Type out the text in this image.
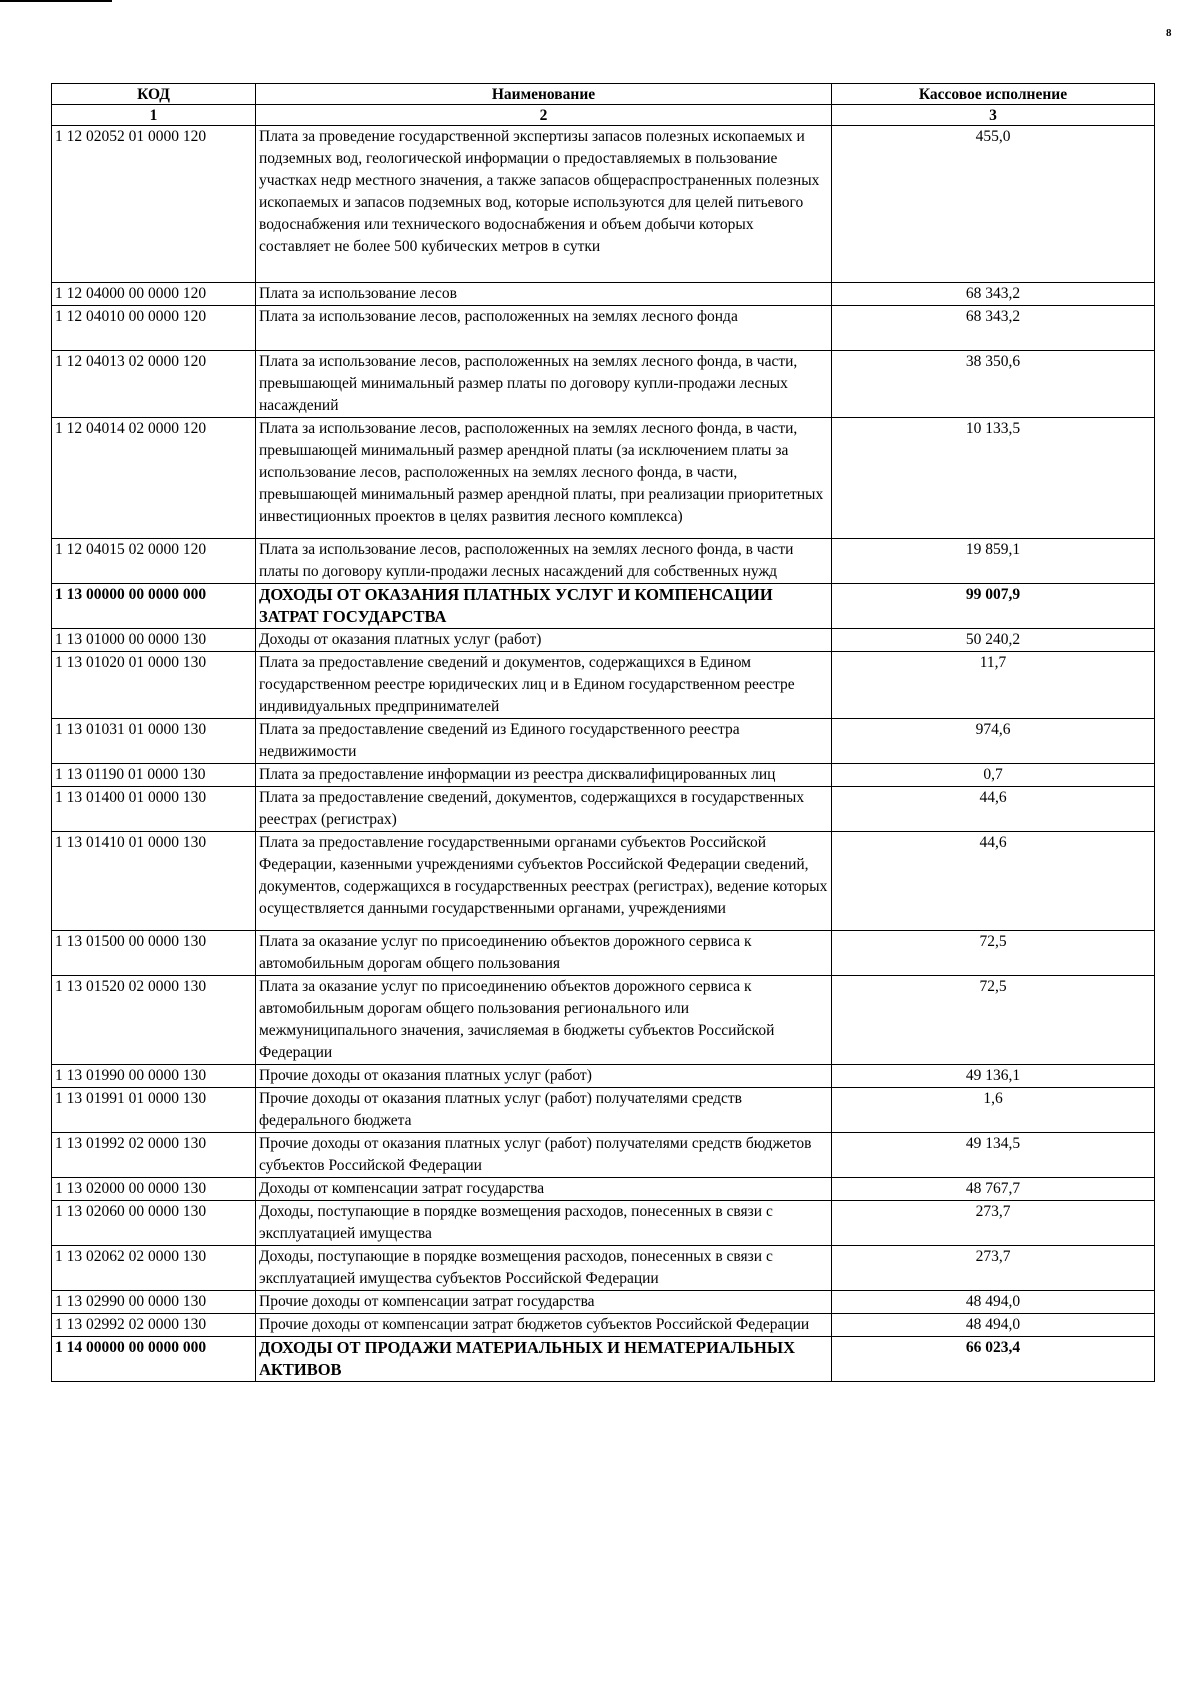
8
КОД	Наименование	Кассовое исполнение
1	2	3
1 12 02052 01 0000 120	Плата за проведение государственной экспертизы запасов полезных ископаемых и подземных вод, геологической информации о предоставляемых в пользование участках недр местного значения, а также запасов общераспространенных полезных ископаемых и запасов подземных вод, которые используются для целей питьевого водоснабжения или технического водоснабжения и объем добычи которых составляет не более 500 кубических метров в сутки	455,0
1 12 04000 00 0000 120	Плата за использование лесов	68 343,2
1 12 04010 00 0000 120	Плата за использование лесов, расположенных на землях лесного фонда	68 343,2
1 12 04013 02 0000 120	Плата за использование лесов, расположенных на землях лесного фонда, в части, превышающей минимальный размер платы по договору купли-продажи лесных насаждений	38 350,6
1 12 04014 02 0000 120	Плата за использование лесов, расположенных на землях лесного фонда, в части, превышающей минимальный размер арендной платы (за исключением платы за использование лесов, расположенных на землях лесного фонда, в части, превышающей минимальный размер арендной платы, при реализации приоритетных инвестиционных проектов в целях развития лесного комплекса)	10 133,5
1 12 04015 02 0000 120	Плата за использование лесов, расположенных на землях лесного фонда, в части платы по договору купли-продажи лесных насаждений для собственных нужд	19 859,1
1 13 00000 00 0000 000	ДОХОДЫ ОТ ОКАЗАНИЯ ПЛАТНЫХ УСЛУГ И КОМПЕНСАЦИИ ЗАТРАТ ГОСУДАРСТВА	99 007,9
1 13 01000 00 0000 130	Доходы от оказания платных услуг (работ)	50 240,2
1 13 01020 01 0000 130	Плата за предоставление сведений и документов, содержащихся в Едином государственном реестре юридических лиц и в Едином государственном реестре индивидуальных предпринимателей	11,7
1 13 01031 01 0000 130	Плата за предоставление сведений из Единого государственного реестра недвижимости	974,6
1 13 01190 01 0000 130	Плата за предоставление информации из реестра дисквалифицированных лиц	0,7
1 13 01400 01 0000 130	Плата за предоставление сведений, документов, содержащихся в государственных реестрах (регистрах)	44,6
1 13 01410 01 0000 130	Плата за предоставление государственными органами субъектов Российской Федерации, казенными учреждениями субъектов Российской Федерации сведений, документов, содержащихся в государственных реестрах (регистрах), ведение которых осуществляется данными государственными органами, учреждениями	44,6
1 13 01500 00 0000 130	Плата за оказание услуг по присоединению объектов дорожного сервиса к автомобильным дорогам общего пользования	72,5
1 13 01520 02 0000 130	Плата за оказание услуг по присоединению объектов дорожного сервиса к автомобильным дорогам общего пользования регионального или межмуниципального значения, зачисляемая в бюджеты субъектов Российской Федерации	72,5
1 13 01990 00 0000 130	Прочие доходы от оказания платных услуг (работ)	49 136,1
1 13 01991 01 0000 130	Прочие доходы от оказания платных услуг (работ) получателями средств федерального бюджета	1,6
1 13 01992 02 0000 130	Прочие доходы от оказания платных услуг (работ) получателями средств бюджетов субъектов Российской Федерации	49 134,5
1 13 02000 00 0000 130	Доходы от компенсации затрат государства	48 767,7
1 13 02060 00 0000 130	Доходы, поступающие в порядке возмещения расходов, понесенных в связи с эксплуатацией имущества	273,7
1 13 02062 02 0000 130	Доходы, поступающие в порядке возмещения расходов, понесенных в связи с эксплуатацией имущества субъектов Российской Федерации	273,7
1 13 02990 00 0000 130	Прочие доходы от компенсации затрат государства	48 494,0
1 13 02992 02 0000 130	Прочие доходы от компенсации затрат бюджетов субъектов Российской Федерации	48 494,0
1 14 00000 00 0000 000	ДОХОДЫ ОТ ПРОДАЖИ МАТЕРИАЛЬНЫХ И НЕМАТЕРИАЛЬНЫХ АКТИВОВ	66 023,4
